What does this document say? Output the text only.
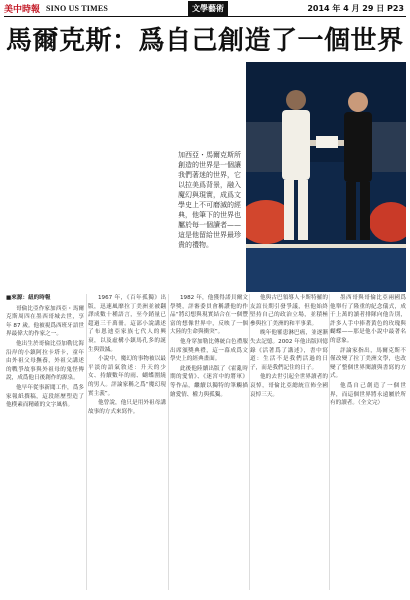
美中時報 SINO US TIMES	文學藝術	2014 年 4 月 29 日 P23
馬爾克斯：爲自己創造了一個世界
加西亞・馬爾克斯所創造的世界是一個讓我們著迷的世界，它以拉美爲背景，融入魔幻與現實，成爲文學史上不可磨滅的經典，他筆下的世界也屬於每一個讀者——這是他留給世界最珍貴的禮物。

■來源：紐約時報

哥倫比亞作家加西亞・馬爾克斯周四在墨西哥城去世，享年 87 歲。他被視爲西班牙語世界最偉大的作家之一。

他出生於哥倫比亞加勒比海沿岸的小鎮阿拉卡塔卡，童年由外祖父母撫養，外祖父講述的戰爭故事與外祖母的鬼怪傳說，成爲他日後創作的源泉。

他早年從事新聞工作，爲多家報紙撰稿，這段經歷塑造了他樸素而精確的文字風格。

1967 年，《百年孤獨》出版，迅速風靡拉丁美洲並被翻譯成數十種語言，至今銷量已超過三千萬冊。這部小說講述了布恩迪亞家族七代人的興衰，以及虛構小鎮馬孔多的誕生與毀滅。

小說中，魔幻的事物被以最平淡的語氣敘述：升天的少女、持續數年的雨、蝴蝶圍繞的男人。評論家稱之爲“魔幻現實主義”。

他曾說，他只是用外祖母講故事的方式來寫作。

1982 年，他獲得諾貝爾文學獎，評審委員會稱讚他的作品“將幻想與現實結合在一個豐富的想像世界中，反映了一個大陸的生命與衝突”。

他身穿加勒比傳統白色禮服出席頒獎典禮，這一幕成爲文學史上的經典畫面。

此後他陸續出版了《霍亂時期的愛情》、《迷宮中的將軍》等作品，繼續以獨特的筆觸描繪愛情、權力與孤獨。

他與古巴領導人卡斯特羅的友誼長期引發爭議，但他始終堅持自己的政治立場，並積極參與拉丁美洲的和平事業。

晚年他罹患淋巴癌，並逐漸失去記憶。2002 年他出版回憶錄《活著爲了講述》，書中寫道：生活不是我們活過的日子，而是我們記住的日子。

他的去世引起全世界讀者的哀悼，哥倫比亞總統宣佈全國哀悼三天。

墨西哥與哥倫比亞兩國爲他舉行了隆重的紀念儀式，成千上萬的讀者排隊向他告別，許多人手中捧著黃色的玫瑰與蝴蝶——那是他小說中最著名的意象。

評論家指出，馬爾克斯不僅改變了拉丁美洲文學，也改變了整個世界閱讀與書寫的方式。

他爲自己創造了一個世界，而這個世界將永遠屬於所有的讀者。（全文完）
